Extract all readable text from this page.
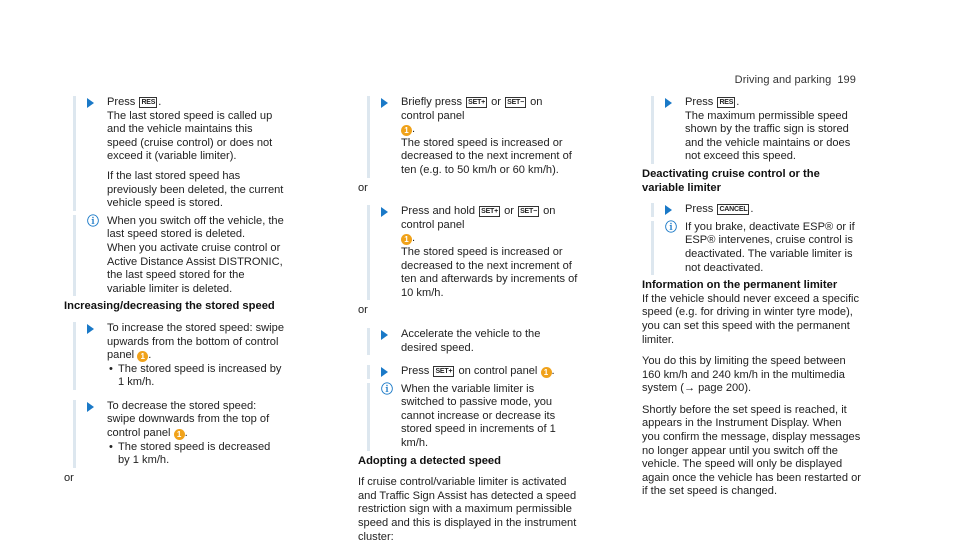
Driving and parking 199

Press RES .

The last stored speed is called up and the vehicle maintains this speed (cruise control) or does not exceed it (variable limiter).

If the last stored speed has previously been deleted, the current vehicle speed is stored.

ⓘ When you switch off the vehicle, the last speed stored is deleted.

When you activate cruise control or Active Distance Assist DISTRONIC, the last speed stored for the variable limiter is deleted.

Increasing/decreasing the stored speed

To increase the stored speed: swipe upwards from the bottom of control panel 1 .

• The stored speed is increased by 1 km/h.

To decrease the stored speed: swipe downwards from the top of control panel 1 .

• The stored speed is decreased by 1 km/h.

or

Briefly press SET+ or SET− on control panel

1 .

The stored speed is increased or decreased to the next increment of ten (e.g. to 50 km/h or 60 km/h).

or

Press and hold SET+ or SET− on control panel

1 .

The stored speed is increased or decreased to the next increment of ten and afterwards by increments of 10 km/h.

or

Accelerate the vehicle to the desired speed.

Press SET+ on control panel 1 .

ⓘ When the variable limiter is switched to passive mode, you cannot increase or decrease its stored speed in increments of 1 km/h.

Adopting a detected speed

If cruise control/variable limiter is activated and Traffic Sign Assist has detected a speed restriction sign with a maximum permissible speed and this is displayed in the instrument cluster:

Press RES .

The maximum permissible speed shown by the traffic sign is stored and the vehicle maintains or does not exceed this speed.

Deactivating cruise control or the variable limiter

Press CANCEL .

ⓘ If you brake, deactivate ESP® or if ESP® intervenes, cruise control is deactivated. The variable limiter is not deactivated.

Information on the permanent limiter

If the vehicle should never exceed a specific speed (e.g. for driving in winter tyre mode), you can set this speed with the permanent limiter.

You do this by limiting the speed between 160 km/h and 240 km/h in the multimedia system (→ page 200).

Shortly before the set speed is reached, it appears in the Instrument Display. When you confirm the message, display messages no longer appear until you switch off the vehicle. The speed will only be displayed again once the vehicle has been restarted or if the set speed is changed.
